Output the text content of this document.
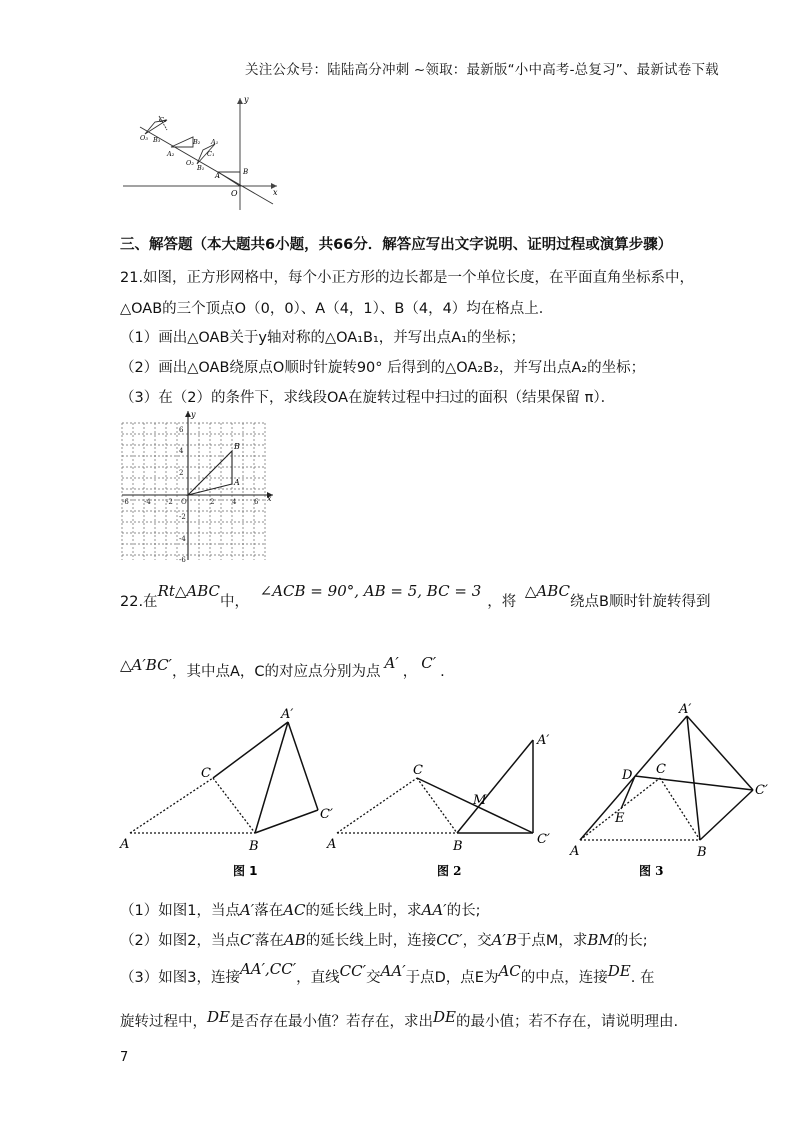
关注公众号：陆陆高分冲刺 ~领取：最新版“小中高考-总复习”、最新试卷下载
y
x
O
B
A
C₃
O₃ B₃
A₂
B₂ A₁
C₁
O₂
B₁
三、解答题（本大题共6小题，共66分．解答应写出文字说明、证明过程或演算步骤）
21.如图，正方形网格中，每个小正方形的边长都是一个单位长度，在平面直角坐标系中，
△OAB的三个顶点O（0，0）、A（4，1）、B（4，4）均在格点上．
（1）画出△OAB关于y轴对称的△OA₁B₁，并写出点A₁的坐标；
（2）画出△OAB绕原点O顺时针旋转90° 后得到的△OA₂B₂，并写出点A₂的坐标；
（3）在（2）的条件下，求线段OA在旋转过程中扫过的面积（结果保留 π）．
y
x
-6 -4 -2 O	2	4	6
6
4
2
-2
-4
-6
A
B
22.在Rt△ABC中， ∠ACB = 90°, AB = 5, BC = 3，将 △ABC绕点B顺时针旋转得到
△A′BC′，其中点A，C的对应点分别为点 A′ ， C′ .
A	B
C
A′
C′
图 1
A	B
C
M
A′
C′
图 2
A	B
C
D
E
A′
C′
图 3
（1）如图1，当点A′落在AC的延长线上时，求AA′的长;
（2）如图2，当点C′落在AB的延长线上时，连接CC′，交A′B于点M，求BM的长;
（3）如图3，连接AA′,CC′，直线CC′交AA′于点D，点E为AC的中点，连接DE. 在
旋转过程中，DE是否存在最小值？若存在，求出DE的最小值；若不存在，请说明理由.
7
